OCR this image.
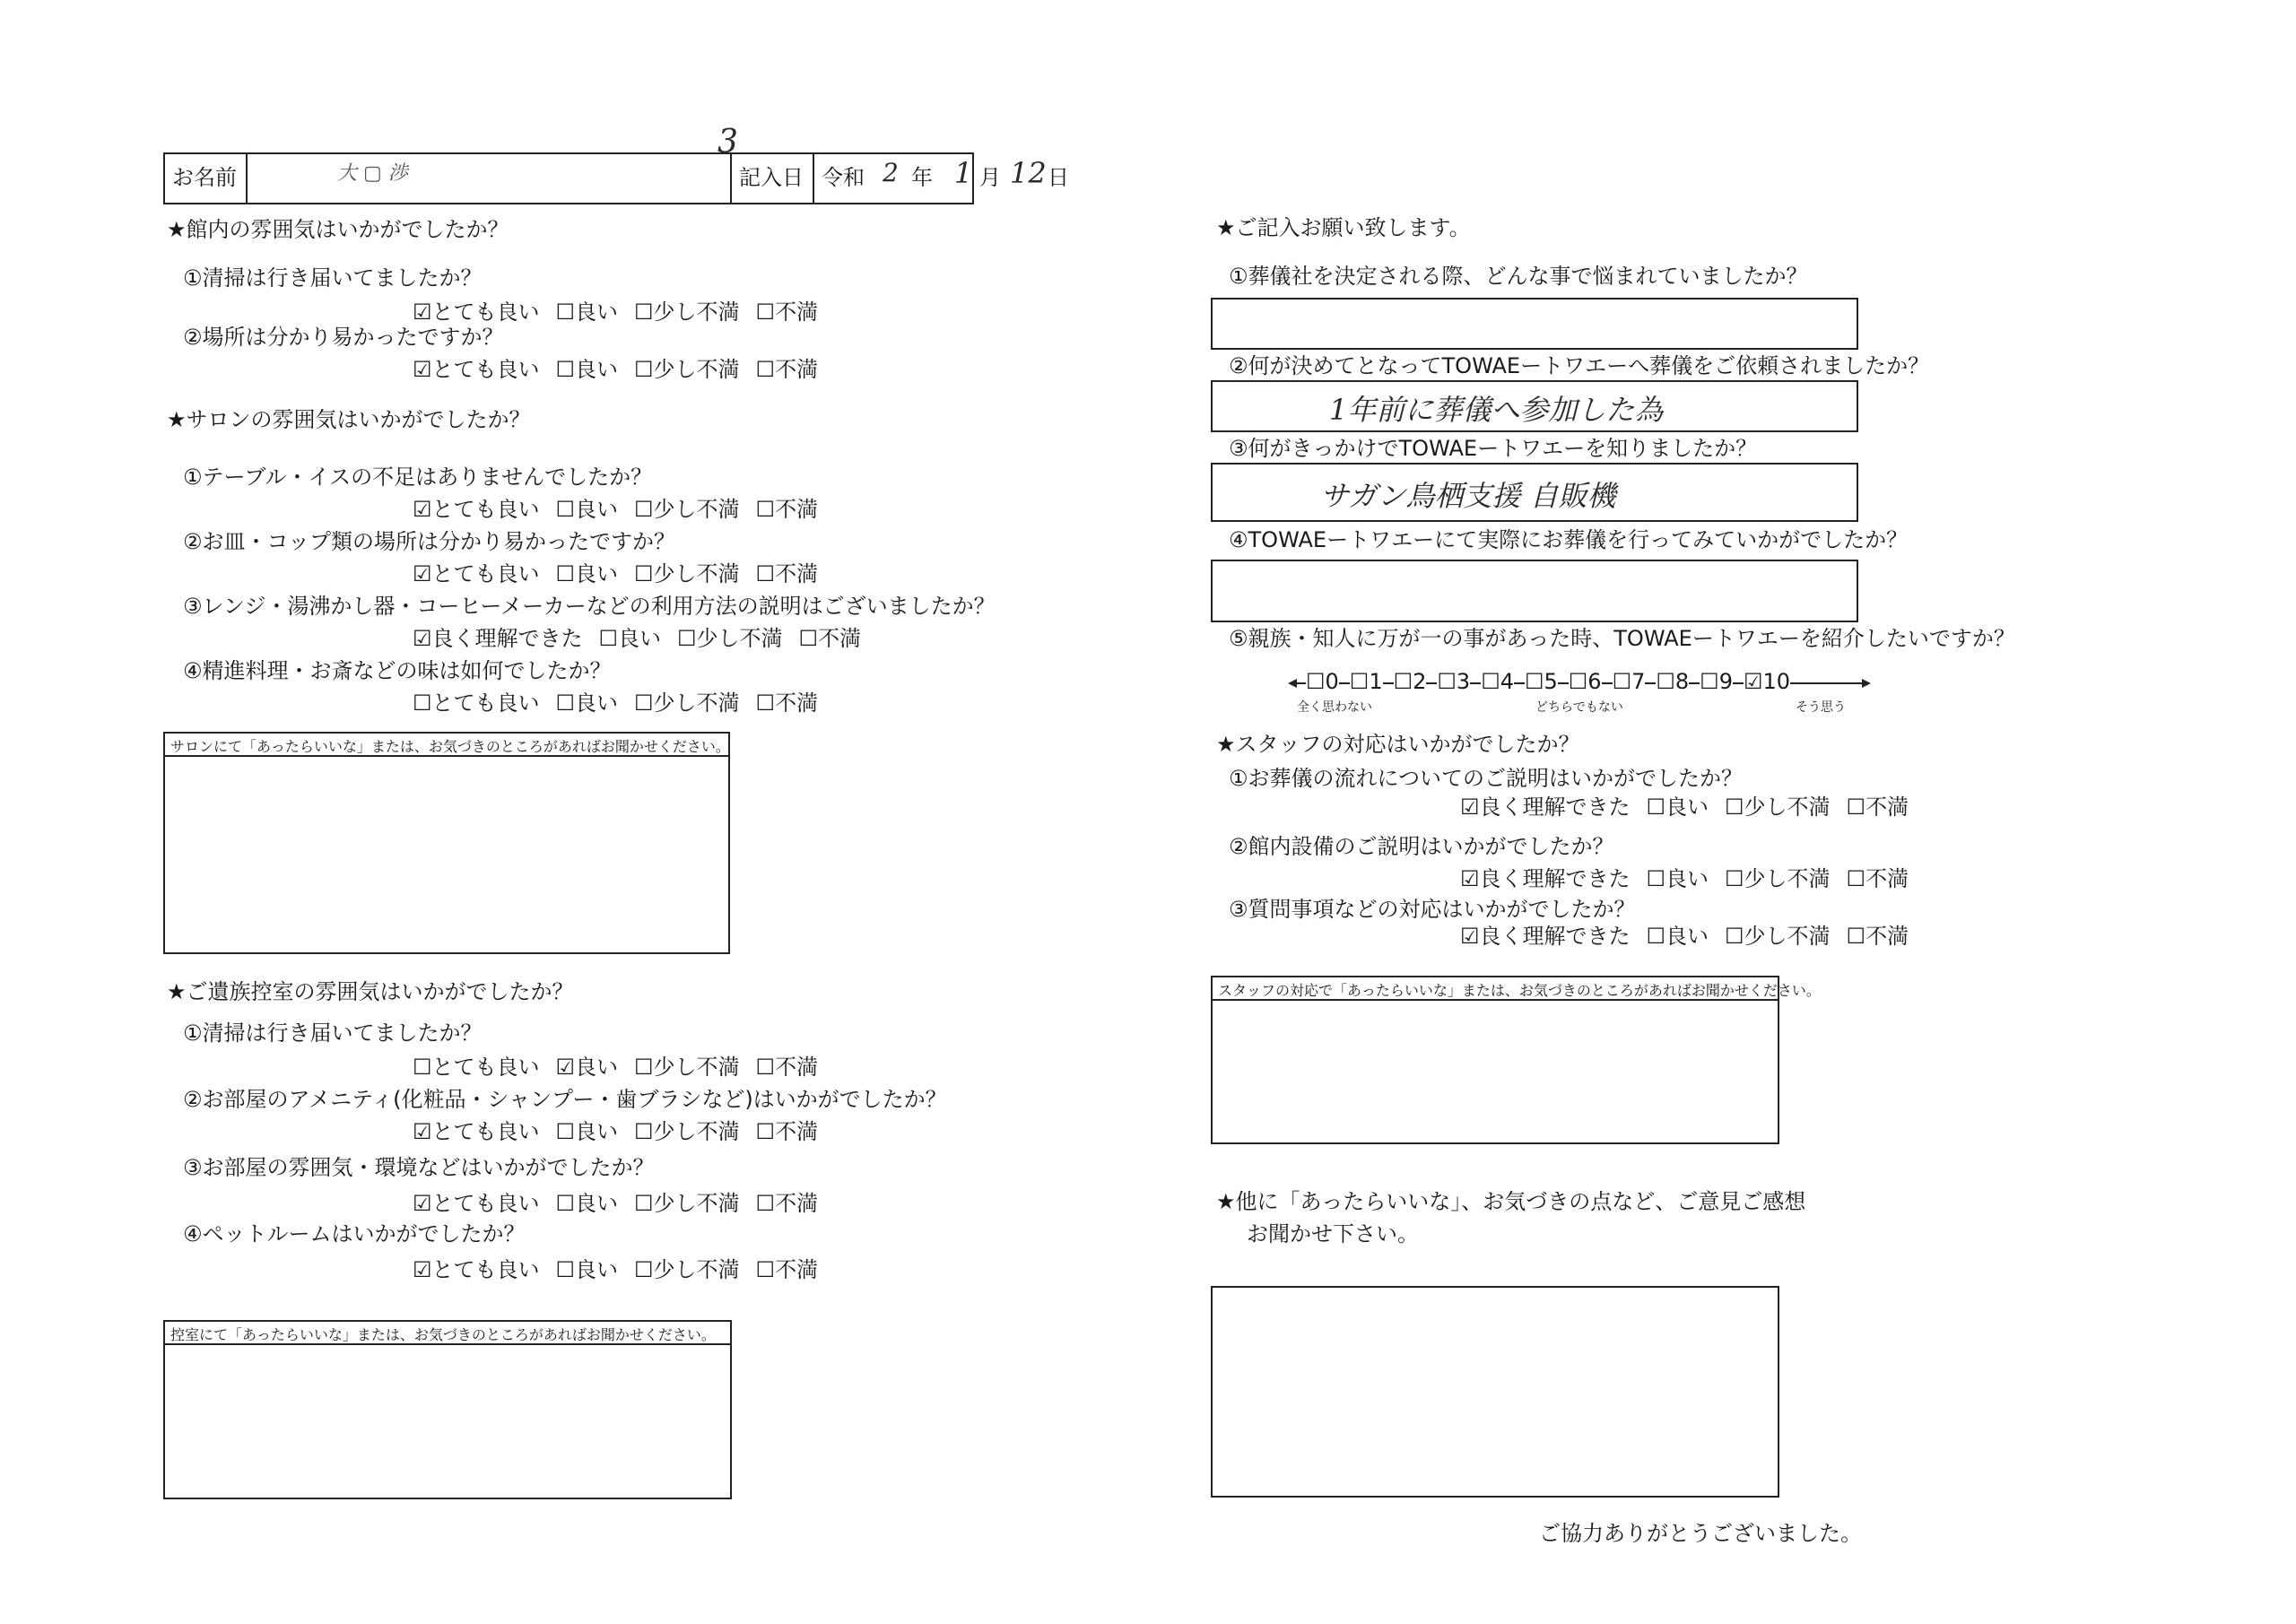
3
お名前	大 ▢ 渉	記入日 令和 2 年 1 月 12 日
★館内の雰囲気はいかがでしたか？
①清掃は行き届いてましたか？
☑とても良い ☐良い ☐少し不満 ☐不満
②場所は分かり易かったですか？
☑とても良い ☐良い ☐少し不満 ☐不満
★サロンの雰囲気はいかがでしたか？
①テーブル・イスの不足はありませんでしたか？
☑とても良い ☐良い ☐少し不満 ☐不満
②お皿・コップ類の場所は分かり易かったですか？
☑とても良い ☐良い ☐少し不満 ☐不満
③レンジ・湯沸かし器・コーヒーメーカーなどの利用方法の説明はございましたか？
☑良く理解できた ☐良い ☐少し不満 ☐不満
④精進料理・お斎などの味は如何でしたか？
☐とても良い ☐良い ☐少し不満 ☐不満
サロンにて「あったらいいな」または、お気づきのところがあればお聞かせください。
★ご遺族控室の雰囲気はいかがでしたか？
①清掃は行き届いてましたか？
☐とても良い ☑良い ☐少し不満 ☐不満
②お部屋のアメニティ(化粧品・シャンプー・歯ブラシなど)はいかがでしたか？
☑とても良い ☐良い ☐少し不満 ☐不満
③お部屋の雰囲気・環境などはいかがでしたか？
☑とても良い ☐良い ☐少し不満 ☐不満
④ペットルームはいかがでしたか？
☑とても良い ☐良い ☐少し不満 ☐不満
控室にて「あったらいいな」または、お気づきのところがあればお聞かせください。
★ご記入お願い致します。
①葬儀社を決定される際、どんな事で悩まれていましたか？
②何が決めてとなってTOWAEートワエーへ葬儀をご依頼されましたか？
1年前に葬儀へ参加した為
③何がきっかけでTOWAEートワエーを知りましたか？
サガン鳥栖支援 自販機
④TOWAEートワエーにて実際にお葬儀を行ってみていかがでしたか？
⑤親族・知人に万が一の事があった時、TOWAEートワエーを紹介したいですか？
☐0 ☐1 ☐2 ☐3 ☐4 ☐5 ☐6 ☐7 ☐8 ☐9 ☑10
全く思わない	どちらでもない	そう思う
★スタッフの対応はいかがでしたか？
①お葬儀の流れについてのご説明はいかがでしたか？
☑良く理解できた ☐良い ☐少し不満 ☐不満
②館内設備のご説明はいかがでしたか？
☑良く理解できた ☐良い ☐少し不満 ☐不満
③質問事項などの対応はいかがでしたか？
☑良く理解できた ☐良い ☐少し不満 ☐不満
スタッフの対応で「あったらいいな」または、お気づきのところがあればお聞かせください。
★他に「あったらいいな」、お気づきの点など、ご意見ご感想
お聞かせ下さい。
ご協力ありがとうございました。
